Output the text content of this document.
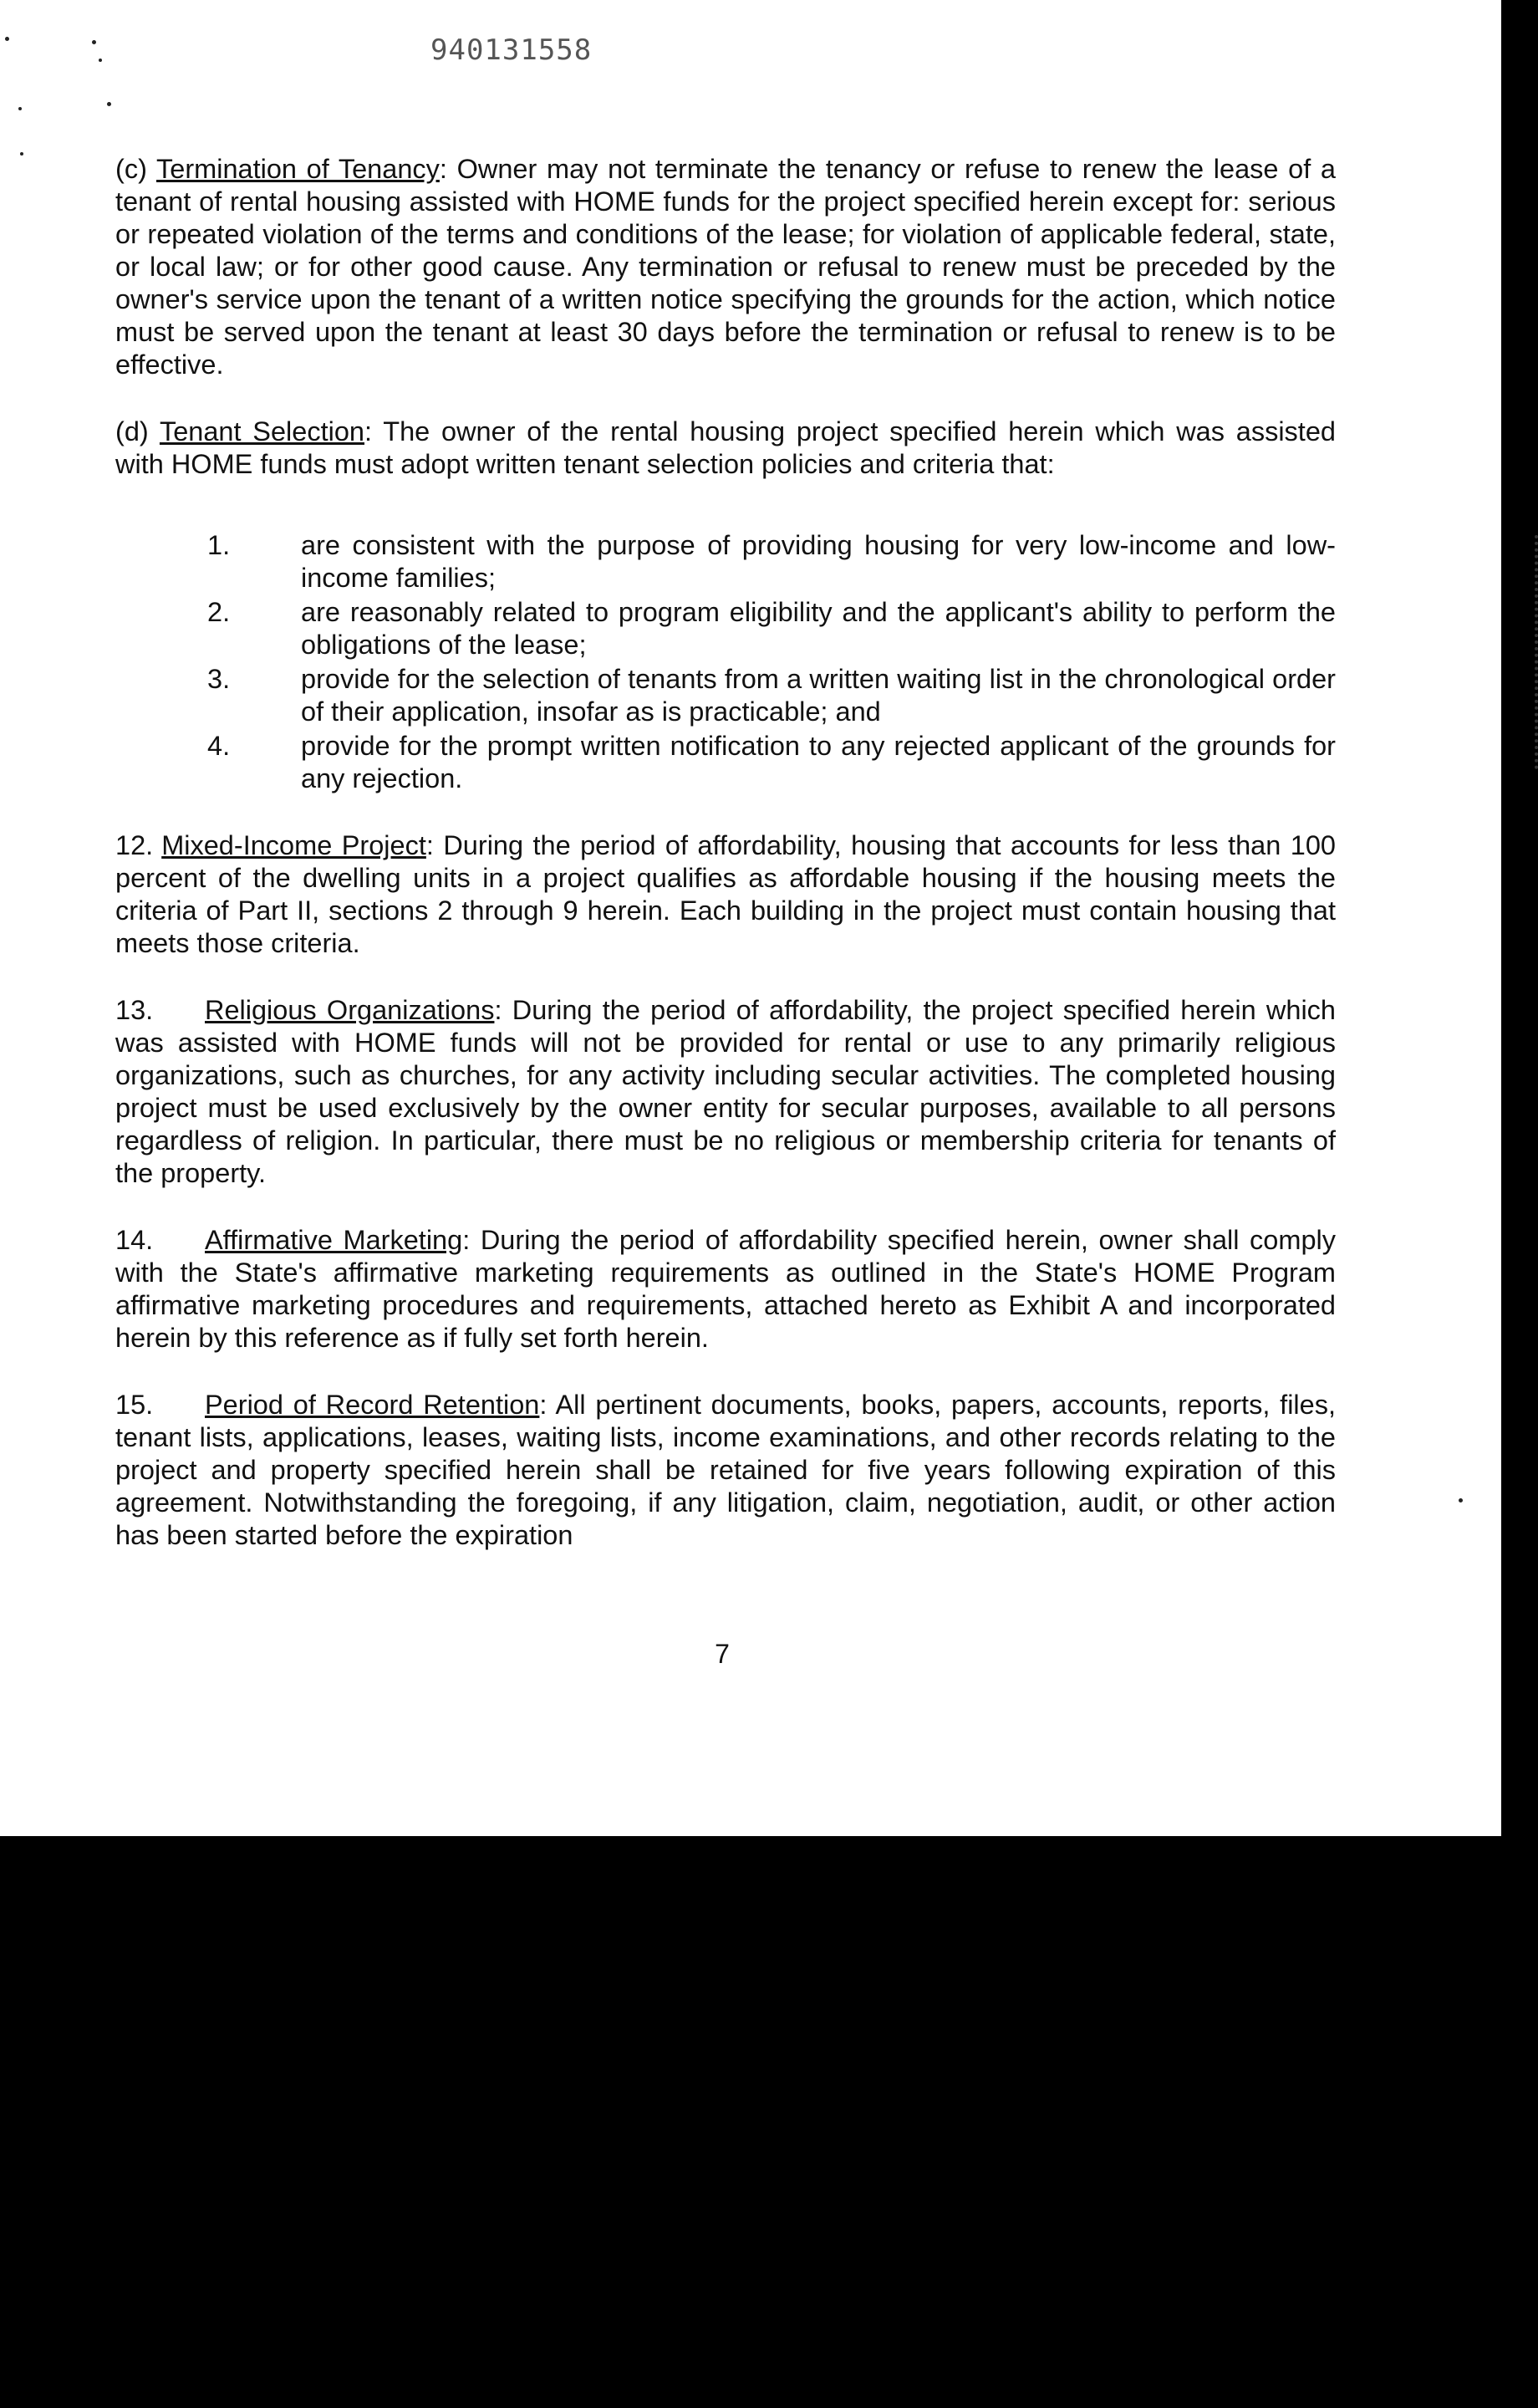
940131558

(c) Termination of Tenancy: Owner may not terminate the tenancy or refuse to renew the lease of a tenant of rental housing assisted with HOME funds for the project specified herein except for: serious or repeated violation of the terms and conditions of the lease; for violation of applicable federal, state, or local law; or for other good cause. Any termination or refusal to renew must be preceded by the owner's service upon the tenant of a written notice specifying the grounds for the action, which notice must be served upon the tenant at least 30 days before the termination or refusal to renew is to be effective.

(d) Tenant Selection: The owner of the rental housing project specified herein which was assisted with HOME funds must adopt written tenant selection policies and criteria that:

1.	are consistent with the purpose of providing housing for very low-income and low-income families;
2.	are reasonably related to program eligibility and the applicant's ability to perform the obligations of the lease;
3.	provide for the selection of tenants from a written waiting list in the chronological order of their application, insofar as is practicable; and
4.	provide for the prompt written notification to any rejected applicant of the grounds for any rejection.

12. Mixed-Income Project: During the period of affordability, housing that accounts for less than 100 percent of the dwelling units in a project qualifies as affordable housing if the housing meets the criteria of Part II, sections 2 through 9 herein. Each building in the project must contain housing that meets those criteria.

13. Religious Organizations: During the period of affordability, the project specified herein which was assisted with HOME funds will not be provided for rental or use to any primarily religious organizations, such as churches, for any activity including secular activities. The completed housing project must be used exclusively by the owner entity for secular purposes, available to all persons regardless of religion. In particular, there must be no religious or membership criteria for tenants of the property.

14. Affirmative Marketing: During the period of affordability specified herein, owner shall comply with the State's affirmative marketing requirements as outlined in the State's HOME Program affirmative marketing procedures and requirements, attached hereto as Exhibit A and incorporated herein by this reference as if fully set forth herein.

15. Period of Record Retention: All pertinent documents, books, papers, accounts, reports, files, tenant lists, applications, leases, waiting lists, income examinations, and other records relating to the project and property specified herein shall be retained for five years following expiration of this agreement. Notwithstanding the foregoing, if any litigation, claim, negotiation, audit, or other action has been started before the expiration

7
